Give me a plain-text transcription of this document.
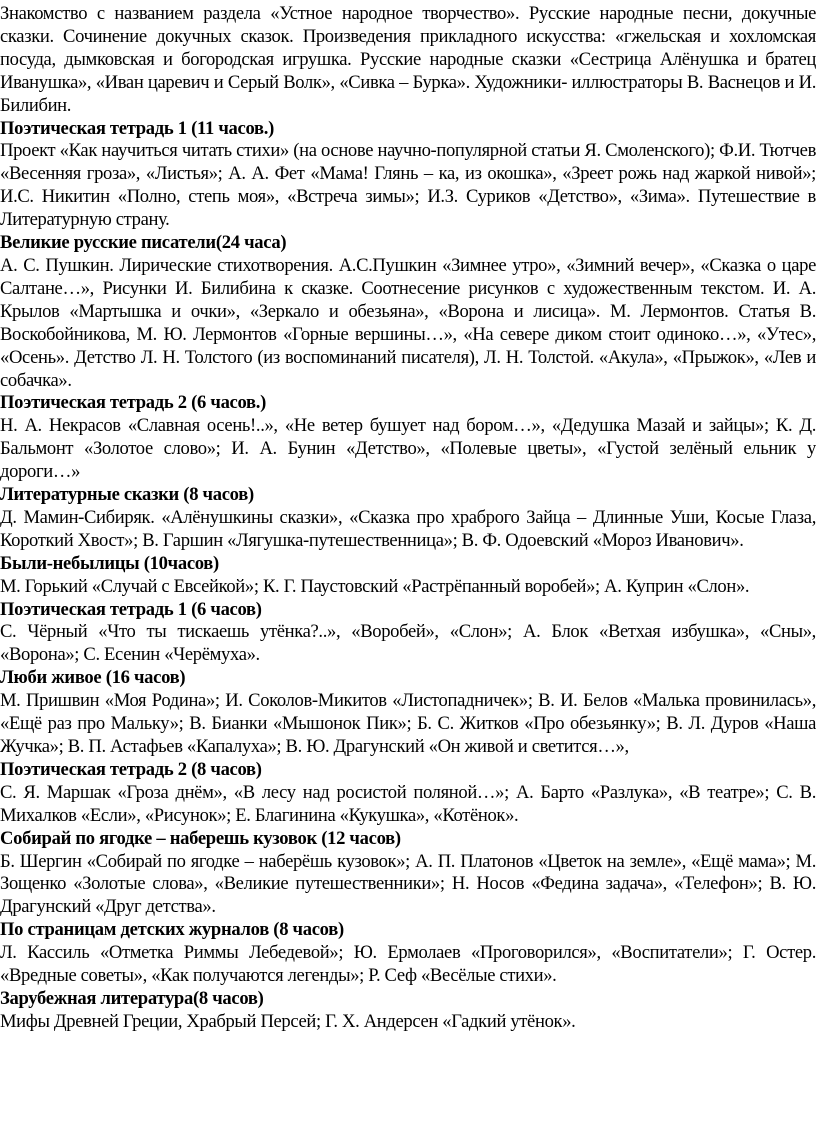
Знакомство с названием раздела «Устное народное творчество». Русские народные песни, докучные сказки. Сочинение докучных сказок. Произведения прикладного искусства: «гжельская и хохломская посуда, дымковская и богородская игрушка. Русские народные сказки «Сестрица Алёнушка и братец Иванушка», «Иван царевич и Серый Волк», «Сивка – Бурка». Художники- иллюстраторы В. Васнецов и И. Билибин.

Поэтическая тетрадь 1 (11 часов.)

Проект «Как научиться читать стихи» (на основе научно-популярной статьи Я. Смоленского); Ф.И. Тютчев «Весенняя гроза», «Листья»; А. А. Фет «Мама! Глянь – ка, из окошка», «Зреет рожь над жаркой нивой»; И.С. Никитин «Полно, степь моя», «Встреча зимы»; И.З. Суриков «Детство», «Зима». Путешествие в Литературную страну.

Великие русские писатели(24 часа)

А. С. Пушкин. Лирические стихотворения. А.С.Пушкин «Зимнее утро», «Зимний вечер», «Сказка о царе Салтане…», Рисунки И. Билибина к сказке. Соотнесение рисунков с художественным текстом. И. А. Крылов «Мартышка и очки», «Зеркало и обезьяна», «Ворона и лисица». М. Лермонтов. Статья В. Воскобойникова, М. Ю. Лермонтов «Горные вершины…», «На севере диком стоит одиноко…», «Утес», «Осень». Детство Л. Н. Толстого (из воспоминаний писателя), Л. Н. Толстой. «Акула», «Прыжок», «Лев и собачка».

Поэтическая тетрадь 2 (6 часов.)

Н. А. Некрасов «Славная осень!..», «Не ветер бушует над бором…», «Дедушка Мазай и зайцы»; К. Д. Бальмонт «Золотое слово»; И. А. Бунин «Детство», «Полевые цветы», «Густой зелёный ельник у дороги…»

Литературные сказки (8 часов)

Д. Мамин-Сибиряк. «Алёнушкины сказки», «Сказка про храброго Зайца – Длинные Уши, Косые Глаза, Короткий Хвост»; В. Гаршин «Лягушка-путешественница»; В. Ф. Одоевский «Мороз Иванович».

Были-небылицы (10часов)

М. Горький «Случай с Евсейкой»; К. Г. Паустовский «Растрёпанный воробей»; А. Куприн «Слон».

Поэтическая тетрадь 1 (6 часов)

С. Чёрный «Что ты тискаешь утёнка?..», «Воробей», «Слон»; А. Блок «Ветхая избушка», «Сны», «Ворона»; С. Есенин «Черёмуха».

Люби живое (16 часов)

М. Пришвин «Моя Родина»; И. Соколов-Микитов «Листопадничек»; В. И. Белов «Малька провинилась», «Ещё раз про Мальку»; В. Бианки «Мышонок Пик»; Б. С. Житков «Про обезьянку»; В. Л. Дуров «Наша Жучка»; В. П. Астафьев «Капалуха»; В. Ю. Драгунский «Он живой и светится…»,

Поэтическая тетрадь 2 (8 часов)

С. Я. Маршак «Гроза днём», «В лесу над росистой поляной…»; А. Барто «Разлука», «В театре»; С. В. Михалков «Если», «Рисунок»; Е. Благинина «Кукушка», «Котёнок».

Собирай по ягодке – наберешь кузовок (12 часов)

Б. Шергин «Собирай по ягодке – наберёшь кузовок»; А. П. Платонов «Цветок на земле», «Ещё мама»; М. Зощенко «Золотые слова», «Великие путешественники»; Н. Носов «Федина задача», «Телефон»; В. Ю. Драгунский «Друг детства».

По страницам детских журналов (8 часов)

Л. Кассиль «Отметка Риммы Лебедевой»; Ю. Ермолаев «Проговорился», «Воспитатели»; Г. Остер. «Вредные советы», «Как получаются легенды»; Р. Сеф «Весёлые стихи».

Зарубежная литература(8 часов)

Мифы Древней Греции, Храбрый Персей; Г. Х. Андерсен «Гадкий утёнок».
